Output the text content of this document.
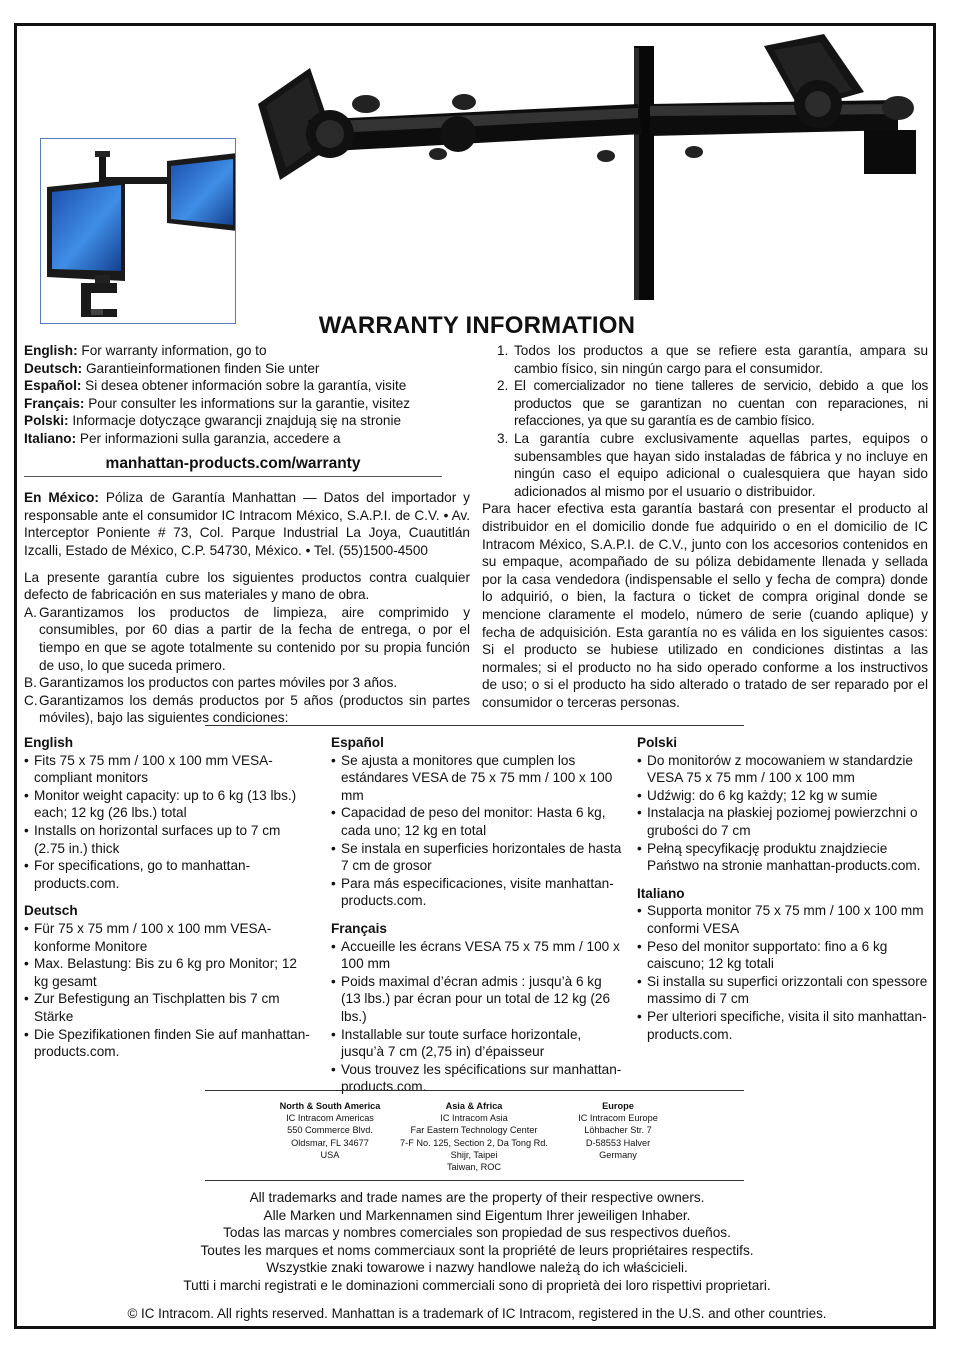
WARRANTY INFORMATION
English: For warranty information, go to
Deutsch: Garantieinformationen finden Sie unter
Español: Si desea obtener información sobre la garantía, visite
Français: Pour consulter les informations sur la garantie, visitez
Polski: Informacje dotyczące gwarancji znajdują się na stronie
Italiano: Per informazioni sulla garanzia, accedere a
manhattan-products.com/warranty

En México: Póliza de Garantía Manhattan — Datos del importador y responsable ante el consumidor IC Intracom México, S.A.P.I. de C.V. • Av. Interceptor Poniente # 73, Col. Parque Industrial La Joya, Cuautitlán Izcalli, Estado de México, C.P. 54730, México. • Tel. (55)1500-4500

La presente garantía cubre los siguientes productos contra cualquier defecto de fabricación en sus materiales y mano de obra.

A. Garantizamos los productos de limpieza, aire comprimido y consumibles, por 60 dias a partir de la fecha de entrega, o por el tiempo en que se agote totalmente su contenido por su propia función de uso, lo que suceda primero.
B. Garantizamos los productos con partes móviles por 3 años.
C. Garantizamos los demás productos por 5 años (productos sin partes móviles), bajo las siguientes condiciones:
1. Todos los productos a que se refiere esta garantía, ampara su cambio físico, sin ningún cargo para el consumidor.
2. El comercializador no tiene talleres de servicio, debido a que los productos que se garantizan no cuentan con reparaciones, ni refacciones, ya que su garantía es de cambio físico.
3. La garantía cubre exclusivamente aquellas partes, equipos o subensambles que hayan sido instaladas de fábrica y no incluye en ningún caso el equipo adicional o cualesquiera que hayan sido adicionados al mismo por el usuario o distribuidor.

Para hacer efectiva esta garantía bastará con presentar el producto al distribuidor en el domicilio donde fue adquirido o en el domicilio de IC Intracom México, S.A.P.I. de C.V., junto con los accesorios contenidos en su empaque, acompañado de su póliza debidamente llenada y sellada por la casa vendedora (indispensable el sello y fecha de compra) donde lo adquirió, o bien, la factura o ticket de compra original donde se mencione claramente el modelo, número de serie (cuando aplique) y fecha de adquisición. Esta garantía no es válida en los siguientes casos: Si el producto se hubiese utilizado en condiciones distintas a las normales; si el producto no ha sido operado conforme a los instructivos de uso; o si el producto ha sido alterado o tratado de ser reparado por el consumidor o terceras personas.

English
• Fits 75 x 75 mm / 100 x 100 mm VESA-compliant monitors
• Monitor weight capacity: up to 6 kg (13 lbs.) each; 12 kg (26 lbs.) total
• Installs on horizontal surfaces up to 7 cm (2.75 in.) thick
• For specifications, go to manhattan-products.com.
Deutsch
• Für 75 x 75 mm / 100 x 100 mm VESA-konforme Monitore
• Max. Belastung: Bis zu 6 kg pro Monitor; 12 kg gesamt
• Zur Befestigung an Tischplatten bis 7 cm Stärke
• Die Spezifikationen finden Sie auf manhattan-products.com.
Español
• Se ajusta a monitores que cumplen los estándares VESA de 75 x 75 mm / 100 x 100 mm
• Capacidad de peso del monitor: Hasta 6 kg, cada uno; 12 kg en total
• Se instala en superficies horizontales de hasta 7 cm de grosor
• Para más especificaciones, visite manhattan-products.com.
Français
• Accueille les écrans VESA 75 x 75 mm / 100 x 100 mm
• Poids maximal d’écran admis : jusqu’à 6 kg (13 lbs.) par écran pour un total de 12 kg (26 lbs.)
• Installable sur toute surface horizontale, jusqu’à 7 cm (2,75 in) d’épaisseur
• Vous trouvez les spécifications sur manhattan-products.com.
Polski
• Do monitorów z mocowaniem w standardzie VESA 75 x 75 mm / 100 x 100 mm
• Udźwig: do 6 kg każdy; 12 kg w sumie
• Instalacja na płaskiej poziomej powierzchni o grubości do 7 cm
• Pełną specyfikację produktu znajdziecie Państwo na stronie manhattan-products.com.
Italiano
• Supporta monitor 75 x 75 mm / 100 x 100 mm conformi VESA
• Peso del monitor supportato: fino a 6 kg caiscuno; 12 kg totali
• Si installa su superfici orizzontali con spessore massimo di 7 cm
• Per ulteriori specifiche, visita il sito manhattan-products.com.
North & South America
IC Intracom Americas
550 Commerce Blvd.
Oldsmar, FL 34677
USA
Asia & Africa
IC Intracom Asia
Far Eastern Technology Center
7-F No. 125, Section 2, Da Tong Rd.
Shijr, Taipei
Taiwan, ROC
Europe
IC Intracom Europe
Löhbacher Str. 7
D-58553 Halver
Germany
All trademarks and trade names are the property of their respective owners.
Alle Marken und Markennamen sind Eigentum Ihrer jeweiligen Inhaber.
Todas las marcas y nombres comerciales son propiedad de sus respectivos dueños.
Toutes les marques et noms commerciaux sont la propriété de leurs propriétaires respectifs.
Wszystkie znaki towarowe i nazwy handlowe należą do ich właścicieli.
Tutti i marchi registrati e le dominazioni commerciali sono di proprietà dei loro rispettivi proprietari.
© IC Intracom. All rights reserved. Manhattan is a trademark of IC Intracom, registered in the U.S. and other countries.
